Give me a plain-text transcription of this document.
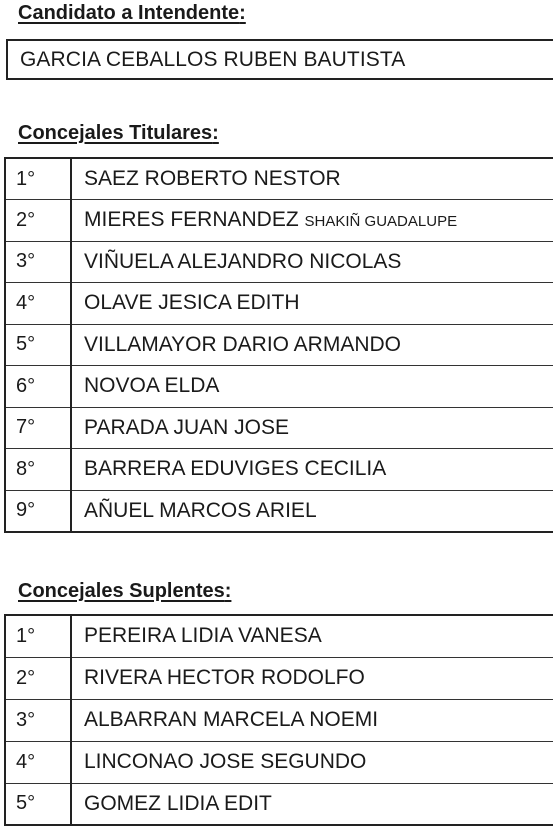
Candidato a Intendente:
GARCIA CEBALLOS RUBEN BAUTISTA
Concejales Titulares:
1°	SAEZ ROBERTO NESTOR
2°	MIERES FERNANDEZ SHAKIÑ GUADALUPE
3°	VIÑUELA ALEJANDRO NICOLAS
4°	OLAVE JESICA EDITH
5°	VILLAMAYOR DARIO ARMANDO
6°	NOVOA ELDA
7°	PARADA JUAN JOSE
8°	BARRERA EDUVIGES CECILIA
9°	AÑUEL MARCOS ARIEL
Concejales Suplentes:
1°	PEREIRA LIDIA VANESA
2°	RIVERA HECTOR RODOLFO
3°	ALBARRAN MARCELA NOEMI
4°	LINCONAO JOSE SEGUNDO
5°	GOMEZ LIDIA EDIT
